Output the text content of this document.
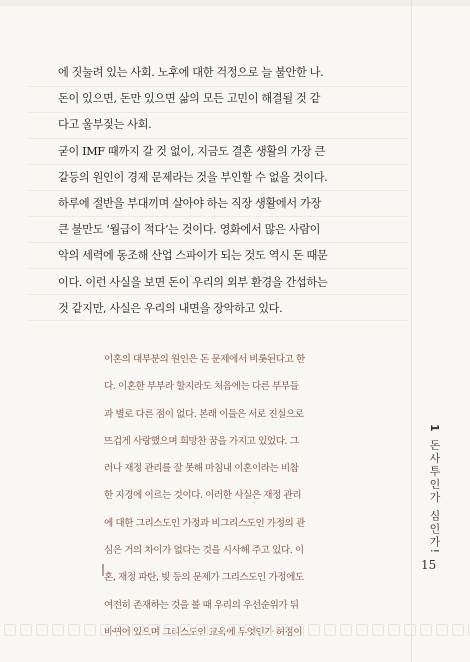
에 짓눌려 있는 사회. 노후에 대한 걱정으로 늘 불안한 나.
돈이 있으면, 돈만 있으면 삶의 모든 고민이 해결될 것 같
다고 울부짖는 사회.
굳이 IMF 때까지 갈 것 없이, 지금도 결혼 생활의 가장 큰
갈등의 원인이 경제 문제라는 것을 부인할 수 없을 것이다.
하루에 절반을 부대끼며 살아야 하는 직장 생활에서 가장
큰 불만도 ‘월급이 적다’는 것이다. 영화에서 많은 사람이
악의 세력에 동조해 산업 스파이가 되는 것도 역시 돈 때문
이다. 이런 사실을 보면 돈이 우리의 외부 환경을 간섭하는
것 같지만, 사실은 우리의 내면을 장악하고 있다.
이혼의 대부분의 원인은 돈 문제에서 비롯된다고 한
다. 이혼한 부부라 할지라도 처음에는 다른 부부들
과 별로 다른 점이 없다. 본래 이들은 서로 진실으로
뜨겁게 사랑했으며 희망찬 꿈을 가지고 있었다. 그
러나 재정 관리를 잘 못해 마침내 이혼이라는 비참
한 지경에 이르는 것이다. 이러한 사실은 재정 관리
에 대한 그리스도인 가정과 비그리스도인 가정의 관
심은 거의 차이가 없다는 것을 시사해 주고 있다. 이
혼, 재정 파탄, 빚 등의 문제가 그리스도인 가정에도
여전히 존재하는 것을 볼 때 우리의 우선순위가 뒤
바뀌어 있으며 그리스도인 교육에 무엇인가 허점이
1 돈사투인가 심인가!
15
